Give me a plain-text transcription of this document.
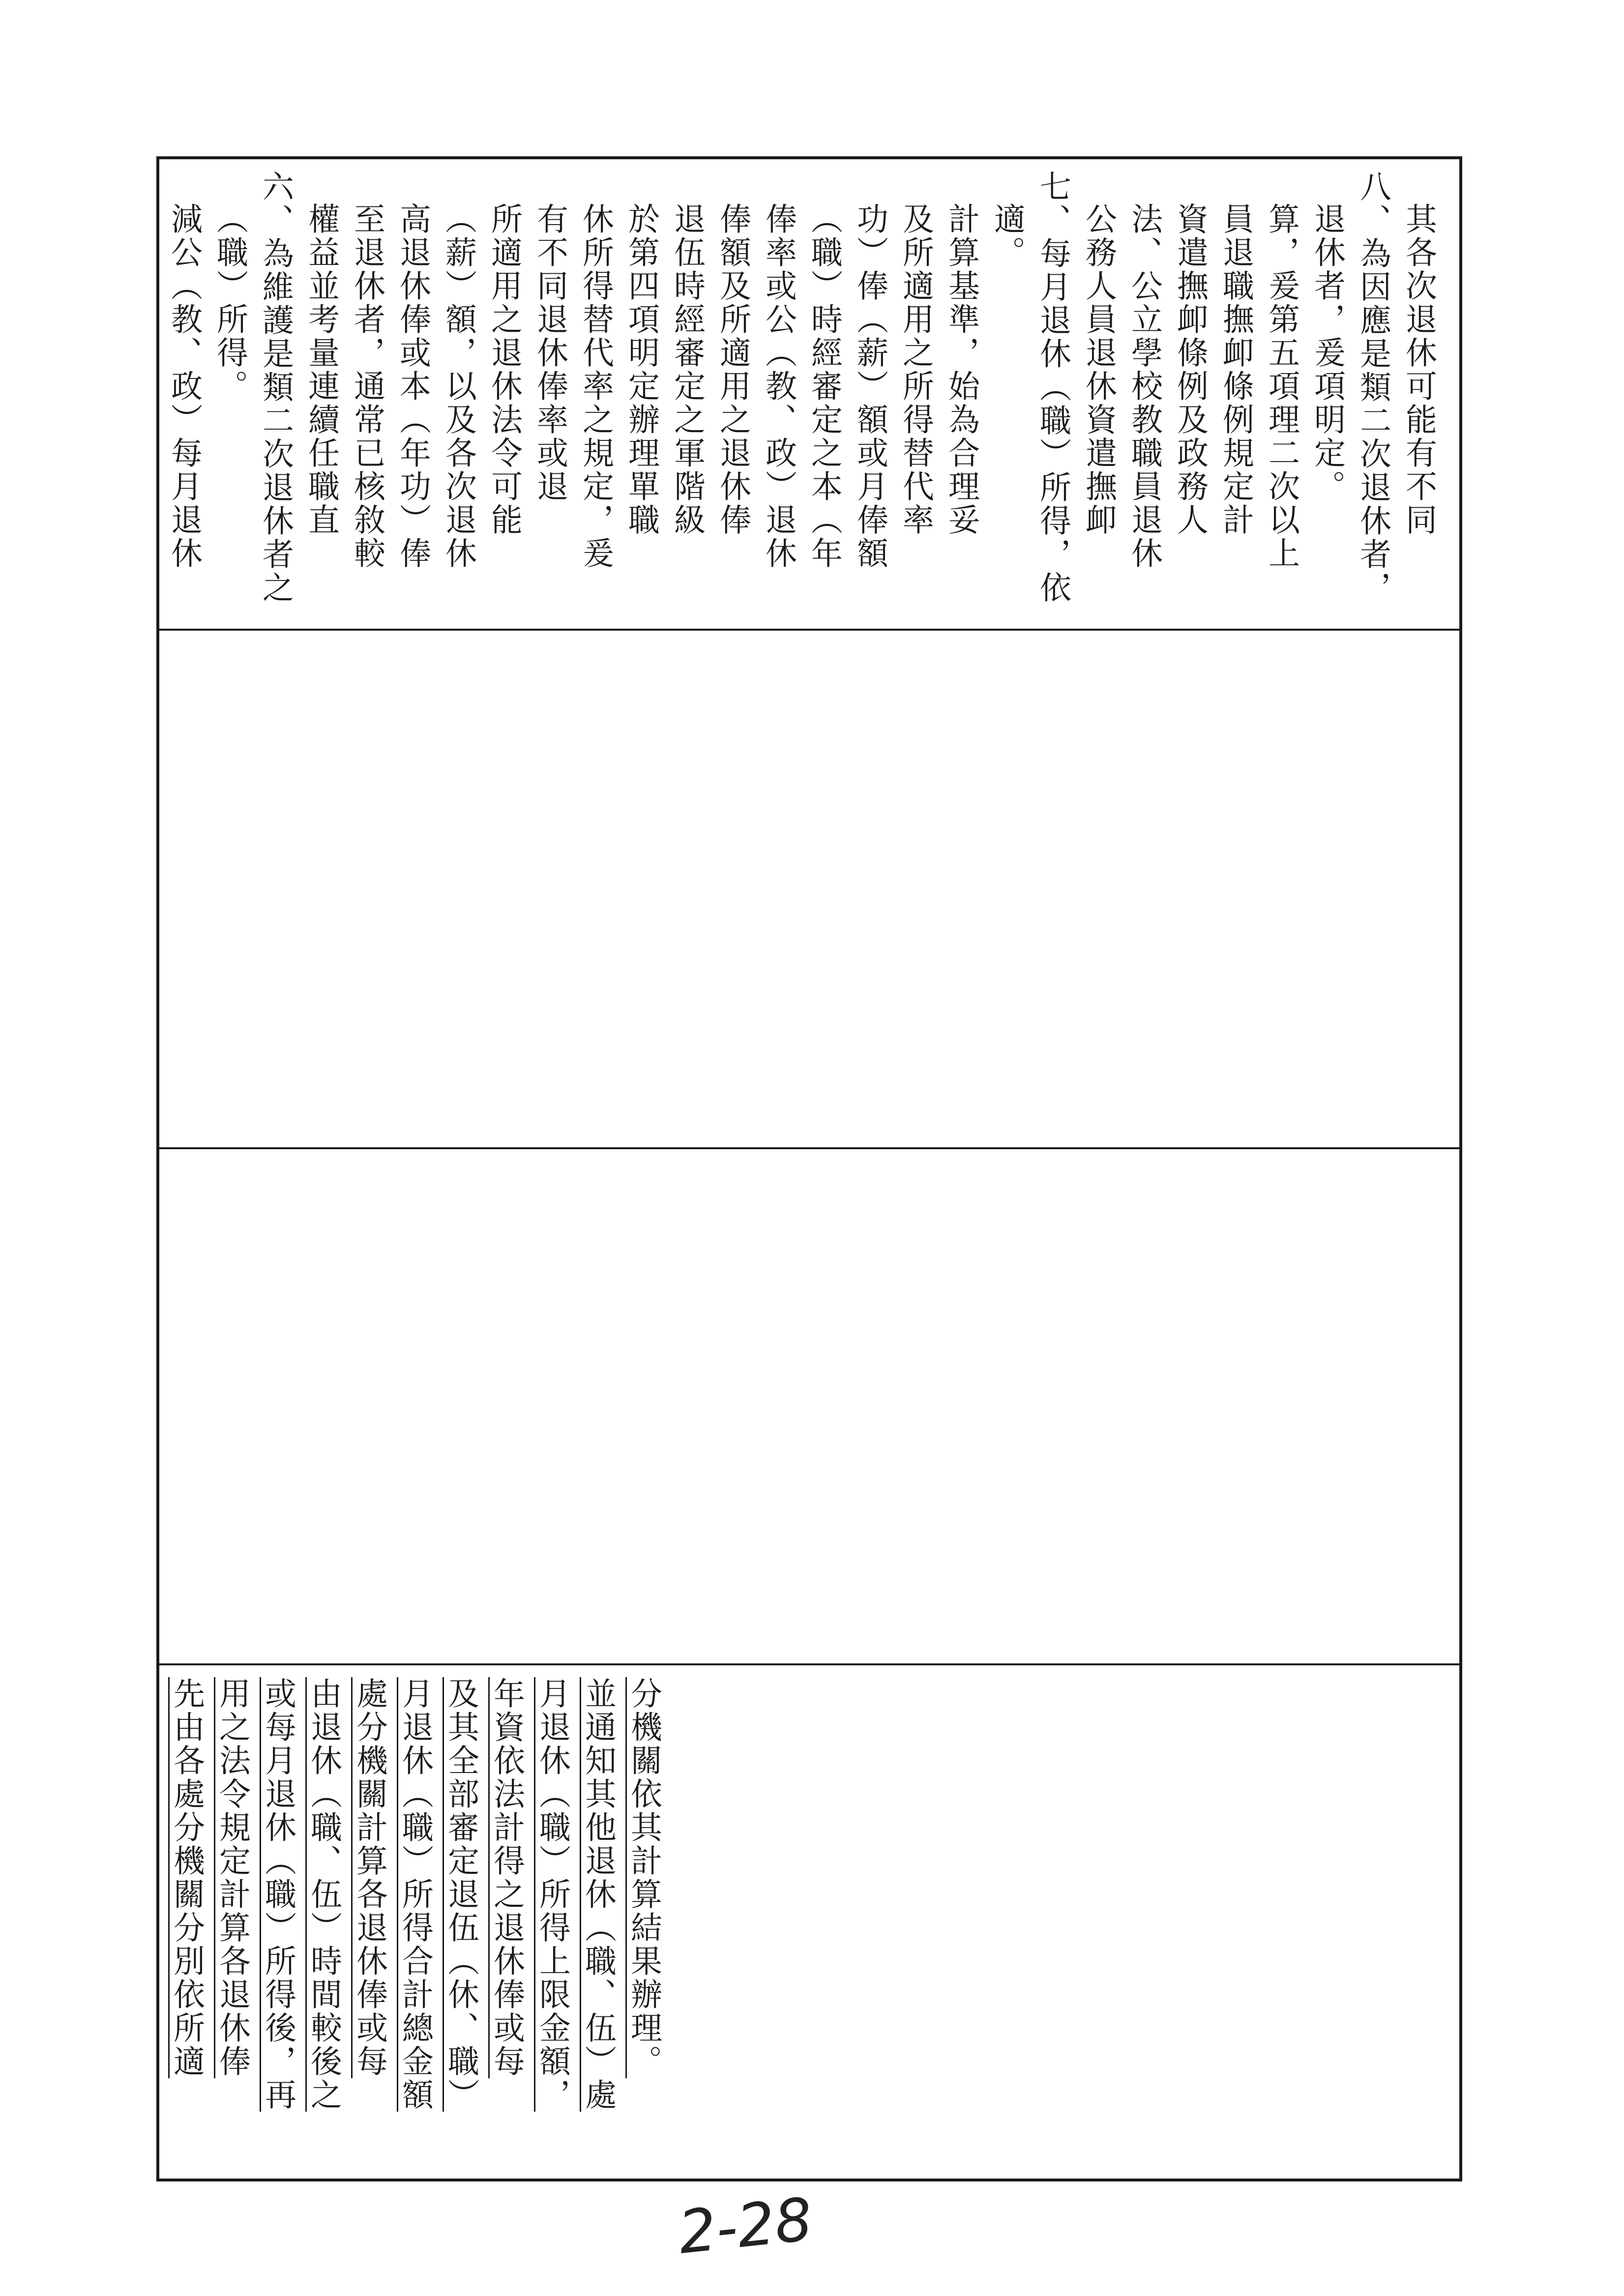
減公（教、政）每月退休 （職）所得。 六、為維護是類二次退休者之 權益並考量連續任職直 至退休者，通常已核敘較 高退休俸或本（年功）俸 （薪）額，以及各次退休 所適用之退休法令可能 有不同退休俸率或退 休所得替代率之規定，爰 於第四項明定辦理單職 退伍時經審定之軍階級 俸額及所適用之退休俸 俸率或公（教、政）退休 （職）時經審定之本（年 功）俸（薪）額或月俸額 及所適用之所得替代率 計算基準，始為合理妥 適。 七、每月退休（職）所得，依 公務人員退休資遣撫卹 法、公立學校教職員退休 資遣撫卹條例及政務人 員退職撫卹條例規定計 算，爰第五項理二次以上 退休者，爰項明定。 八、為因應是類二次退休者， 其各次退休可能有不同
先由各處分機關分別依所適 用之法令規定計算各退休俸 或每月退休（職）所得後，再 由退休（職、伍）時間較後之 處分機關計算各退休俸或每 月退休（職）所得合計總金額 及其全部審定退伍（休、職） 年資依法計得之退休俸或每 月退休（職）所得上限金額， 並通知其他退休（職、伍）處 分機關依其計算結果辦理。
2-28
